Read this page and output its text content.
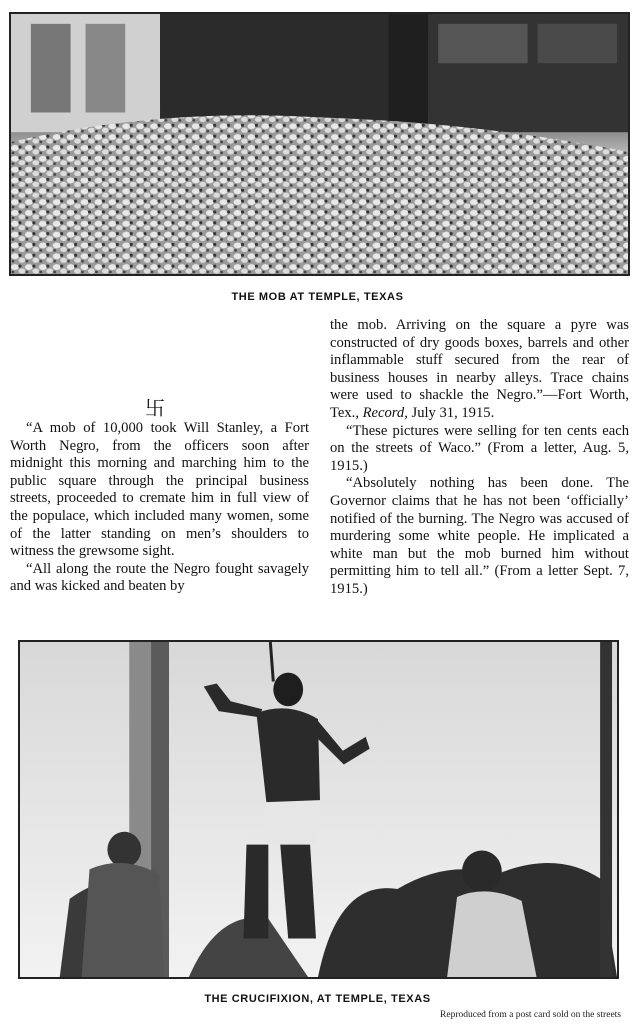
THE MOB AT TEMPLE, TEXAS
卐

“A mob of 10,000 took Will Stanley, a Fort Worth Negro, from the officers soon after midnight this morning and marching him to the public square through the principal business streets, proceeded to cremate him in full view of the populace, which included many women, some of the latter standing on men’s shoulders to witness the grewsome sight.

“All along the route the Negro fought savagely and was kicked and beaten by

the mob. Arriving on the square a pyre was constructed of dry goods boxes, barrels and other inflammable stuff secured from the rear of business houses in nearby alleys. Trace chains were used to shackle the Negro.”—Fort Worth, Tex., Record, July 31, 1915.

“These pictures were selling for ten cents each on the streets of Waco.” (From a letter, Aug. 5, 1915.)

“Absolutely nothing has been done. The Governor claims that he has not been ‘officially’ notified of the burning. The Negro was accused of murdering some white people. He implicated a white man but the mob burned him without permitting him to tell all.” (From a letter Sept. 7, 1915.)

THE CRUCIFIXION, AT TEMPLE, TEXAS
Reproduced from a post card sold on the streets
